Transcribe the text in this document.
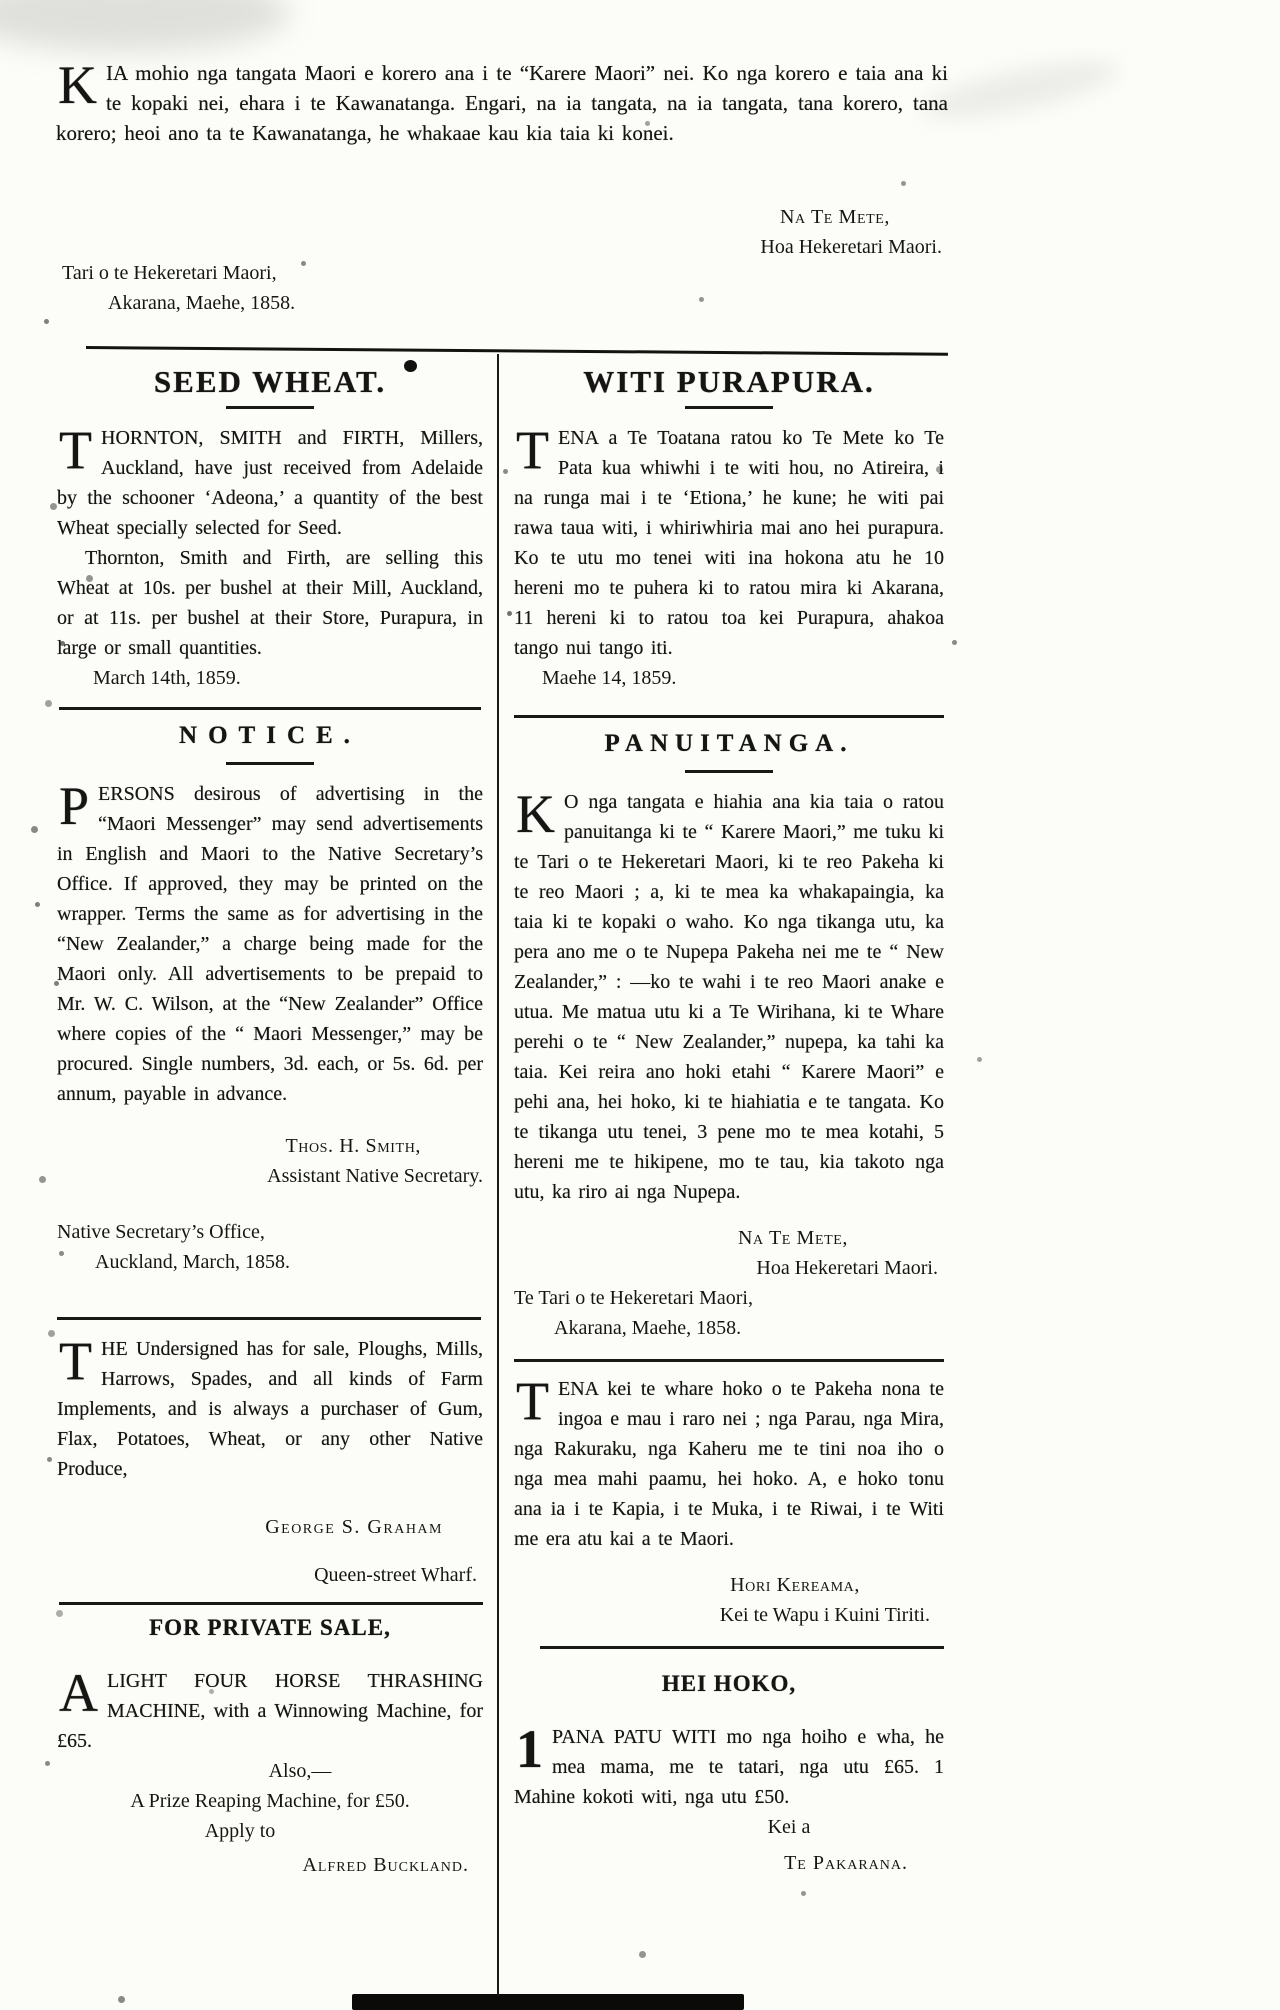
KIA mohio nga tangata Maori e korero ana i te “Karere Maori” nei. Ko nga korero e taia ana ki te kopaki nei, ehara i te Kawanatanga. Engari, na ia tangata, na ia tangata, tana korero, tana korero; heoi ano ta te Kawanatanga, he whakaae kau kia taia ki konei.

Na Te Mete,

Hoa Hekeretari Maori.

Tari o te Hekeretari Maori,

Akarana, Maehe, 1858.

SEED WHEAT.

THORNTON, SMITH and FIRTH, Millers, Auckland, have just received from Adelaide by the schooner ‘Adeona,’ a quantity of the best Wheat specially selected for Seed.

Thornton, Smith and Firth, are selling this Wheat at 10s. per bushel at their Mill, Auckland, or at 11s. per bushel at their Store, Purapura, in large or small quantities.

March 14th, 1859.

NOTICE.

PERSONS desirous of advertising in the “Maori Messenger” may send advertisements in English and Maori to the Native Secretary’s Office. If approved, they may be printed on the wrapper. Terms the same as for advertising in the “New Zealander,” a charge being made for the Maori only. All advertisements to be prepaid to Mr. W. C. Wilson, at the “New Zealander” Office where copies of the “ Maori Messenger,” may be procured. Single numbers, 3d. each, or 5s. 6d. per annum, payable in advance.

Thos. H. Smith,

Assistant Native Secretary.

Native Secretary’s Office,

Auckland, March, 1858.

THE Undersigned has for sale, Ploughs, Mills, Harrows, Spades, and all kinds of Farm Implements, and is always a purchaser of Gum, Flax, Potatoes, Wheat, or any other Native Produce,

George S. Graham

Queen-street Wharf.

FOR PRIVATE SALE,

ALIGHT FOUR HORSE THRASHING MACHINE, with a Winnowing Machine, for £65.

Also,—

A Prize Reaping Machine, for £50.

Apply to

Alfred Buckland.

WITI PURAPURA.

TENA a Te Toatana ratou ko Te Mete ko Te Pata kua whiwhi i te witi hou, no Atireira, i na runga mai i te ‘Etiona,’ he kune; he witi pai rawa taua witi, i whiriwhiria mai ano hei purapura. Ko te utu mo tenei witi ina hokona atu he 10 hereni mo te puhera ki to ratou mira ki Akarana, 11 hereni ki to ratou toa kei Purapura, ahakoa tango nui tango iti.

Maehe 14, 1859.

PANUITANGA.

K O nga tangata e hiahia ana kia taia o ratou panuitanga ki te “ Karere Maori,” me tuku ki te Tari o te Hekeretari Maori, ki te reo Pakeha ki te reo Maori ; a, ki te mea ka whakapaingia, ka taia ki te kopaki o waho. Ko nga tikanga utu, ka pera ano me o te Nupepa Pakeha nei me te “ New Zealander,” : —ko te wahi i te reo Maori anake e utua. Me matua utu ki a Te Wirihana, ki te Whare perehi o te “ New Zealander,” nupepa, ka tahi ka taia. Kei reira ano hoki etahi “ Karere Maori” e pehi ana, hei hoko, ki te hiahiatia e te tangata. Ko te tikanga utu tenei, 3 pene mo te mea kotahi, 5 hereni me te hikipene, mo te tau, kia takoto nga utu, ka riro ai nga Nupepa.

Na Te Mete,

Hoa Hekeretari Maori.

Te Tari o te Hekeretari Maori,

Akarana, Maehe, 1858.

TENA kei te whare hoko o te Pakeha nona te ingoa e mau i raro nei ; nga Parau, nga Mira, nga Rakuraku, nga Kaheru me te tini noa iho o nga mea mahi paamu, hei hoko. A, e hoko tonu ana ia i te Kapia, i te Muka, i te Riwai, i te Witi me era atu kai a te Maori.

Hori Kereama,

Kei te Wapu i Kuini Tiriti.

HEI HOKO,

1 PANA PATU WITI mo nga hoiho e wha, he mea mama, me te tatari, nga utu £65. 1 Mahine kokoti witi, nga utu £50.

Kei a

Te Pakarana.
